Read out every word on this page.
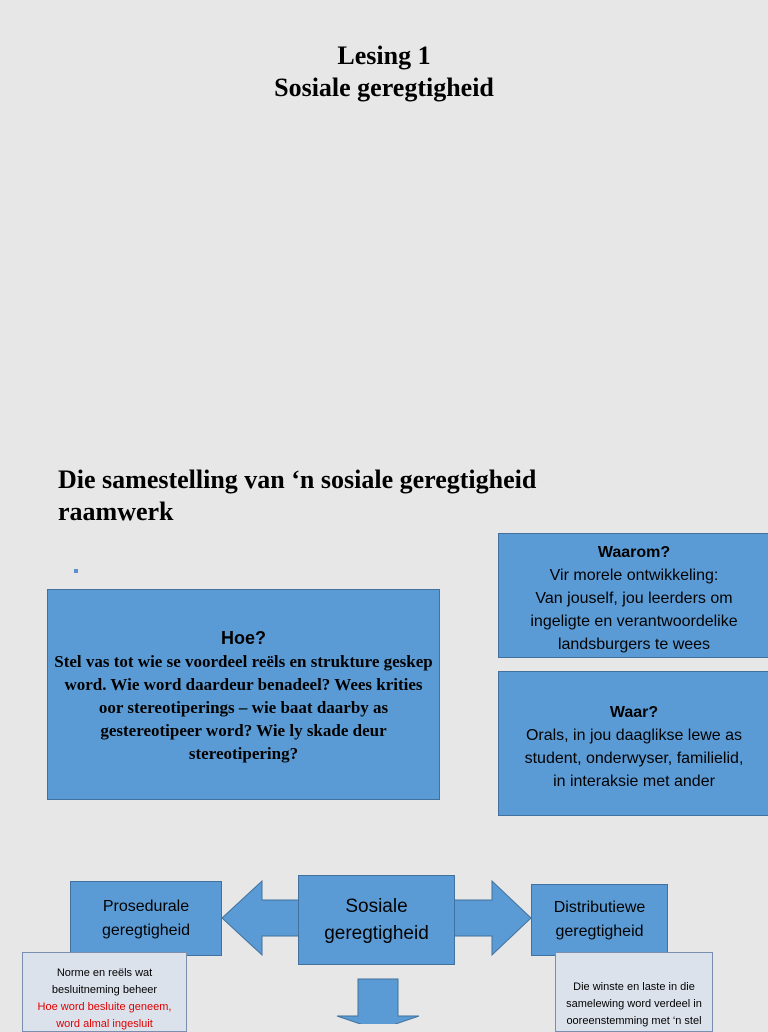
Lesing 1
Sosiale geregtigheid
Die samestelling van ‘n sosiale geregtigheid
raamwerk
Hoe?
Stel vas tot wie se voordeel reëls en strukture geskep word. Wie word daardeur benadeel? Wees krities oor stereotiperings – wie baat daarby as gestereotipeer word? Wie ly skade deur stereotipering?
Waarom?
Vir morele ontwikkeling:
Van jouself, jou leerders om
ingeligte en verantwoordelike
landsburgers te wees
Waar?
Orals, in jou daaglikse lewe as
student, onderwyser, familielid,
in interaksie met ander
Prosedurale
geregtigheid
Sosiale
geregtigheid
Distributiewe
geregtigheid
Norme en reëls wat
besluitneming beheer
Hoe word besluite geneem,
word almal ingesluit
Die winste en laste in die
samelewing word verdeel in
ooreenstemming met ‘n stel
